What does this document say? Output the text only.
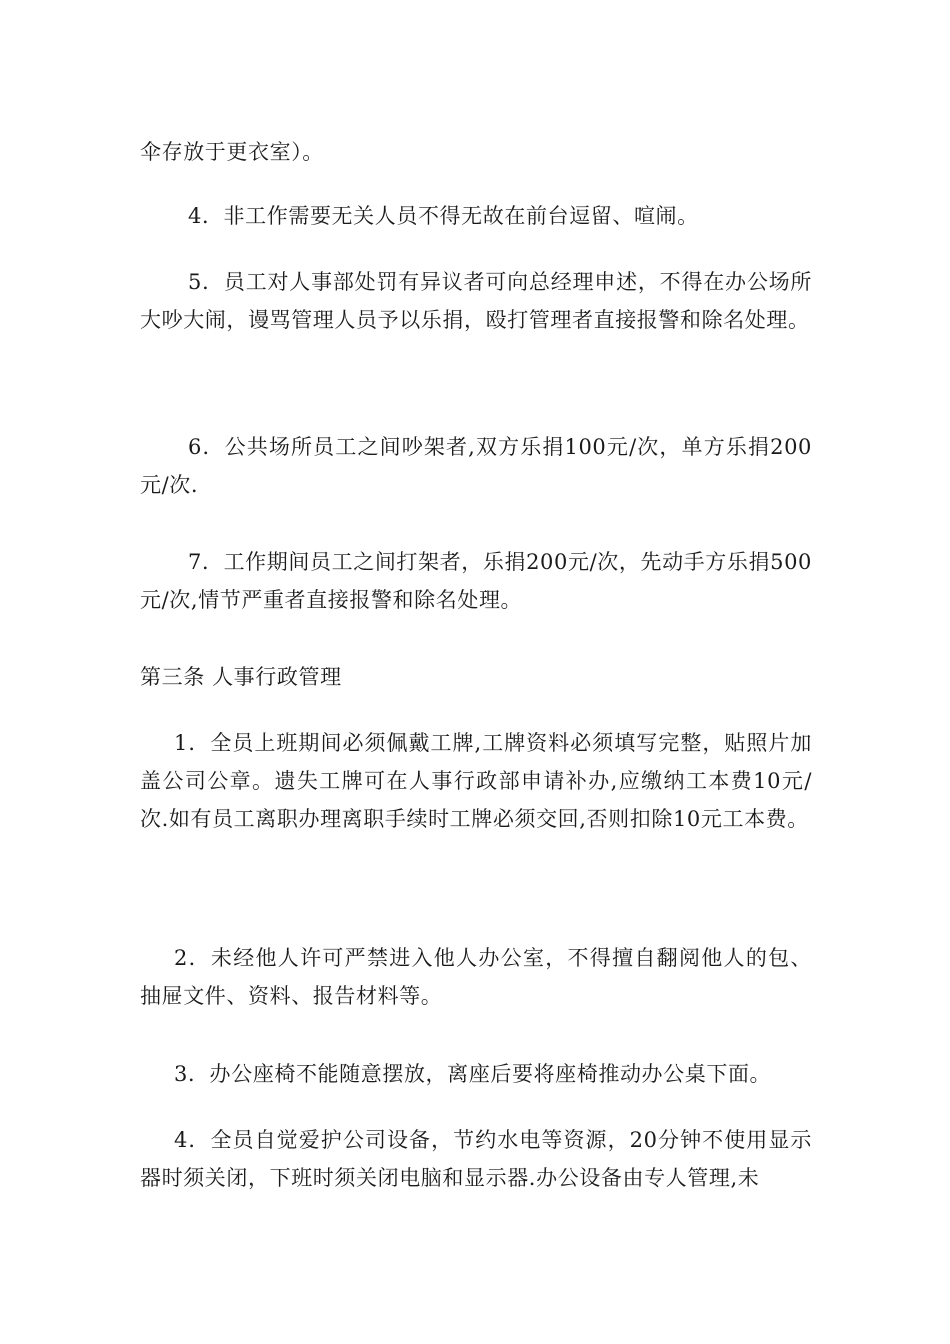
伞存放于更衣室）。

4．非工作需要无关人员不得无故在前台逗留、喧闹。

5．员工对人事部处罚有异议者可向总经理申述，不得在办公场所大吵大闹，谩骂管理人员予以乐捐，殴打管理者直接报警和除名处理。

6．公共场所员工之间吵架者,双方乐捐100元/次，单方乐捐200元/次.

7．工作期间员工之间打架者，乐捐200元/次，先动手方乐捐500元/次,情节严重者直接报警和除名处理。

第三条 人事行政管理

1．全员上班期间必须佩戴工牌,工牌资料必须填写完整，贴照片加盖公司公章。遗失工牌可在人事行政部申请补办,应缴纳工本费10元/次.如有员工离职办理离职手续时工牌必须交回,否则扣除10元工本费。

2．未经他人许可严禁进入他人办公室，不得擅自翻阅他人的包、抽屉文件、资料、报告材料等。

3．办公座椅不能随意摆放，离座后要将座椅推动办公桌下面。

4．全员自觉爱护公司设备，节约水电等资源，20分钟不使用显示器时须关闭，下班时须关闭电脑和显示器.办公设备由专人管理,未
